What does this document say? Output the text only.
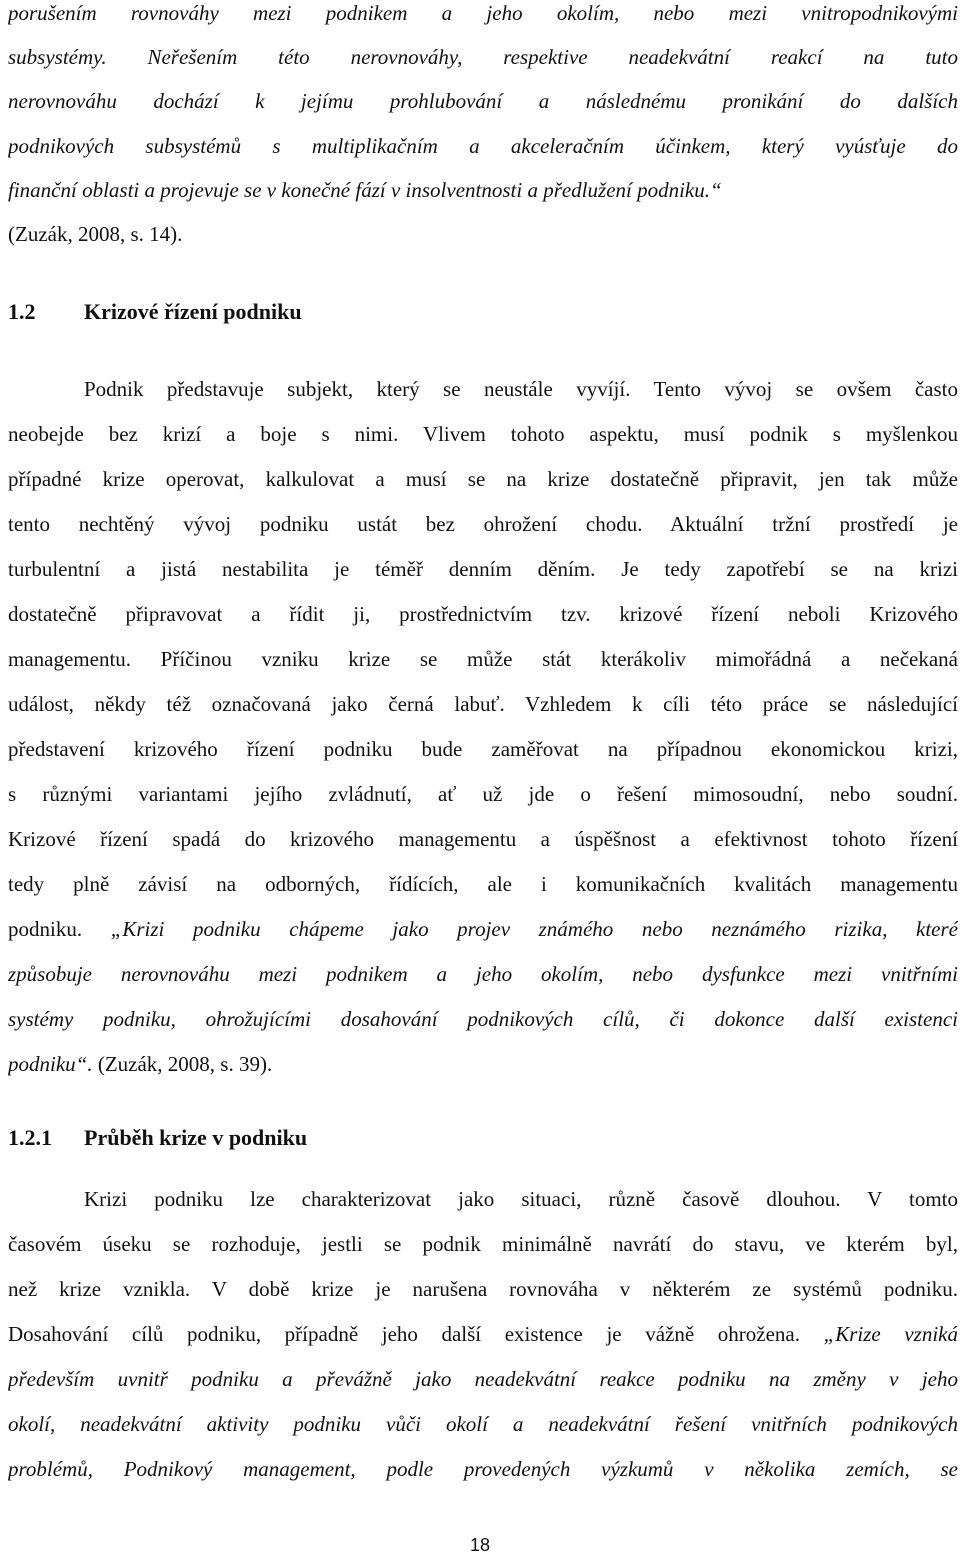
porušením rovnováhy mezi podnikem a jeho okolím, nebo mezi vnitropodnikovými
subsystémy. Neřešením této nerovnováhy, respektive neadekvátní reakcí na tuto
nerovnováhu dochází k jejímu prohlubování a následnému pronikání do dalších
podnikových subsystémů s multiplikačním a akceleračním účinkem, který vyúsťuje do
finanční oblasti a projevuje se v konečné fází v insolventnosti a předlužení podniku.“
(Zuzák, 2008, s. 14).
1.2 Krizové řízení podniku
Podnik představuje subjekt, který se neustále vyvíjí. Tento vývoj se ovšem často
neobejde bez krizí a boje s nimi. Vlivem tohoto aspektu, musí podnik s myšlenkou
případné krize operovat, kalkulovat a musí se na krize dostatečně připravit, jen tak může
tento nechtěný vývoj podniku ustát bez ohrožení chodu. Aktuální tržní prostředí je
turbulentní a jistá nestabilita je téměř denním děním. Je tedy zapotřebí se na krizi
dostatečně připravovat a řídit ji, prostřednictvím tzv. krizové řízení neboli Krizového
managementu. Příčinou vzniku krize se může stát kterákoliv mimořádná a nečekaná
událost, někdy též označovaná jako černá labuť. Vzhledem k cíli této práce se následující
představení krizového řízení podniku bude zaměřovat na případnou ekonomickou krizi,
s různými variantami jejího zvládnutí, ať už jde o řešení mimosoudní, nebo soudní.
Krizové řízení spadá do krizového managementu a úspěšnost a efektivnost tohoto řízení
tedy plně závisí na odborných, řídících, ale i komunikačních kvalitách managementu
podniku. „Krizi podniku chápeme jako projev známého nebo neznámého rizika, které
způsobuje nerovnováhu mezi podnikem a jeho okolím, nebo dysfunkce mezi vnitřními
systémy podniku, ohrožujícími dosahování podnikových cílů, či dokonce další existenci
podniku“. (Zuzák, 2008, s. 39).
1.2.1 Průběh krize v podniku
Krizi podniku lze charakterizovat jako situaci, různě časově dlouhou. V tomto
časovém úseku se rozhoduje, jestli se podnik minimálně navrátí do stavu, ve kterém byl,
než krize vznikla. V době krize je narušena rovnováha v některém ze systémů podniku.
Dosahování cílů podniku, případně jeho další existence je vážně ohrožena. „Krize vzniká
především uvnitř podniku a převážně jako neadekvátní reakce podniku na změny v jeho
okolí, neadekvátní aktivity podniku vůči okolí a neadekvátní řešení vnitřních podnikových
problémů, Podnikový management, podle provedených výzkumů v několika zemích, se
18
